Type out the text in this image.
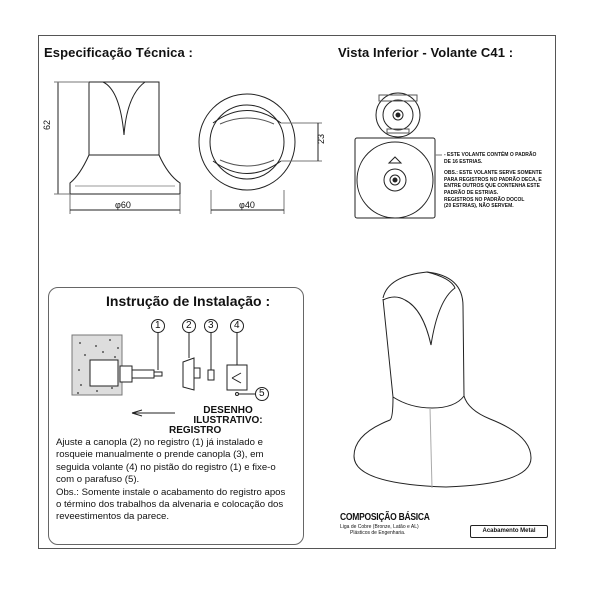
Especificação Técnica :	Vista Inferior - Volante C41 :
62
φ60	φ40
23
- ESTE VOLANTE CONTÉM O PADRÃO
DE 16 ESTRIAS.
OBS.: ESTE VOLANTE SERVE SOMENTE
PARA REGISTROS NO PADRÃO DECA, E
ENTRE OUTROS QUE CONTENHA ESTE
PADRÃO DE ESTRIAS.
REGISTROS NO PADRÃO DOCOL
(20 ESTRIAS), NÃO SERVEM.
Instrução de Instalação :
1	2 3 4
5
DESENHO ILUSTRATIVO:
REGISTRO
Ajuste a canopla (2) no registro (1) já instalado e
rosqueie manualmente o prende canopla (3), em
seguida volante (4) no pistão do registro (1) e fixe-o
com o parafuso (5).
Obs.: Somente instale o acabamento do registro apos
o término dos trabalhos da alvenaria e colocação dos
reveestimentos da parece.	COMPOSIÇÃO BÁSICA
Liga de Cobre (Bronze, Latão e AL)
Plásticos de Engenharia.	Acabamento Metal
